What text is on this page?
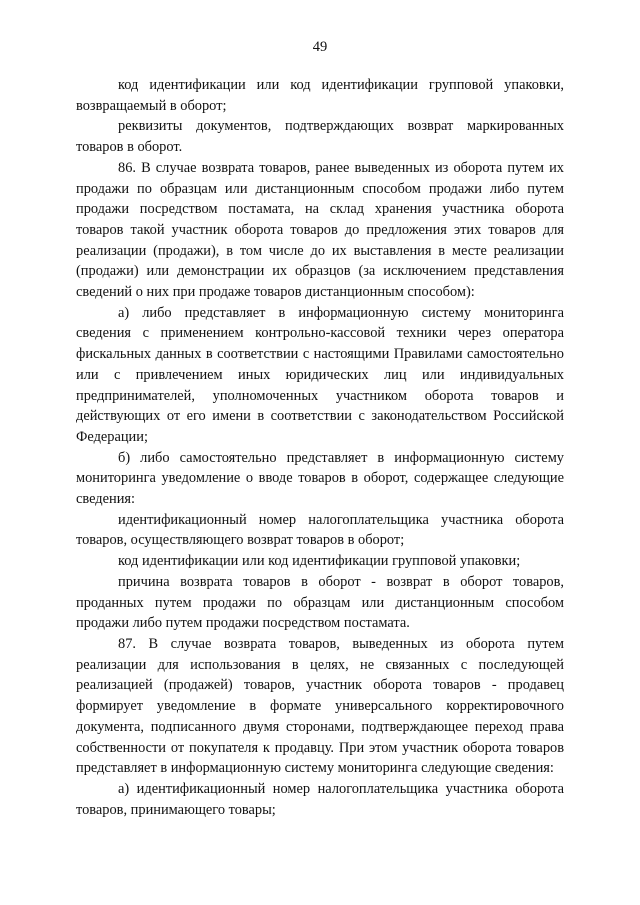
49

код идентификации или код идентификации групповой упаковки, возвращаемый в оборот;

реквизиты документов, подтверждающих возврат маркированных товаров в оборот.

86. В случае возврата товаров, ранее выведенных из оборота путем их продажи по образцам или дистанционным способом продажи либо путем продажи посредством постамата, на склад хранения участника оборота товаров такой участник оборота товаров до предложения этих товаров для реализации (продажи), в том числе до их выставления в месте реализации (продажи) или демонстрации их образцов (за исключением представления сведений о них при продаже товаров дистанционным способом):

а) либо представляет в информационную систему мониторинга сведения с применением контрольно-кассовой техники через оператора фискальных данных в соответствии с настоящими Правилами самостоятельно или с привлечением иных юридических лиц или индивидуальных предпринимателей, уполномоченных участником оборота товаров и действующих от его имени в соответствии с законодательством Российской Федерации;

б) либо самостоятельно представляет в информационную систему мониторинга уведомление о вводе товаров в оборот, содержащее следующие сведения:

идентификационный номер налогоплательщика участника оборота товаров, осуществляющего возврат товаров в оборот;

код идентификации или код идентификации групповой упаковки;

причина возврата товаров в оборот - возврат в оборот товаров, проданных путем продажи по образцам или дистанционным способом продажи либо путем продажи посредством постамата.

87. В случае возврата товаров, выведенных из оборота путем реализации для использования в целях, не связанных с последующей реализацией (продажей) товаров, участник оборота товаров - продавец формирует уведомление в формате универсального корректировочного документа, подписанного двумя сторонами, подтверждающее переход права собственности от покупателя к продавцу. При этом участник оборота товаров представляет в информационную систему мониторинга следующие сведения:

а) идентификационный номер налогоплательщика участника оборота товаров, принимающего товары;
